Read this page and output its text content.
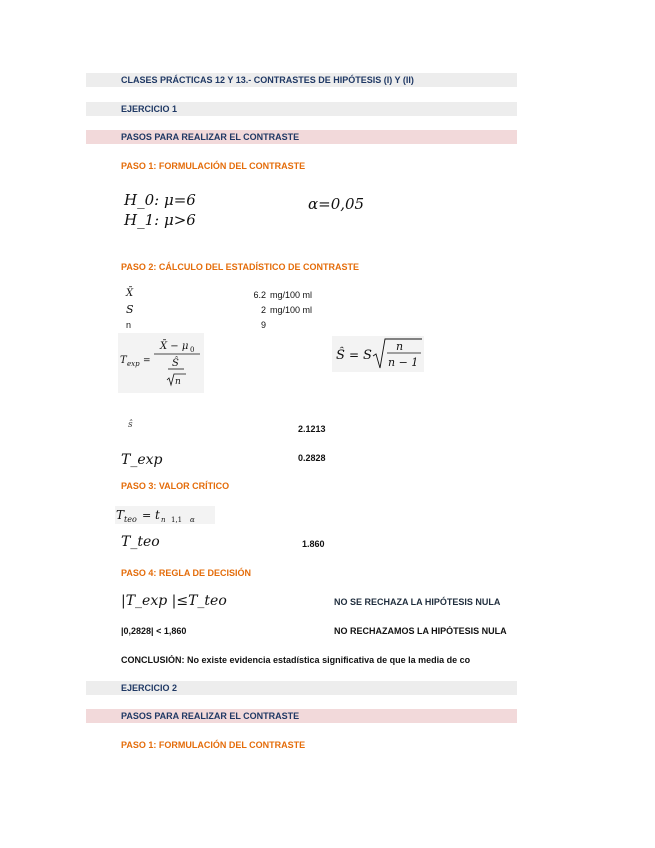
CLASES PRÁCTICAS 12 Y 13.- CONTRASTES DE HIPÓTESIS (I) Y (II)
EJERCICIO 1
PASOS PARA REALIZAR EL CONTRASTE
PASO 1: FORMULACIÓN DEL CONTRASTE
H_0: μ=6
H_1: μ>6
α=0,05
PASO 2: CÁLCULO DEL ESTADÍSTICO DE CONTRASTE
X̄	6.2 mg/100 ml
S	2 mg/100 ml
n	9
T exp =
X̄ − μ 0
Ŝ
n
Ŝ = S
n
n − 1
ŝ	2.1213
T_exp	0.2828
PASO 3: VALOR CRÍTICO
T teo = t n 1,1 α
T_teo	1.860
PASO 4: REGLA DE DECISIÓN
|T_exp |≤T_teo	NO SE RECHAZA LA HIPÓTESIS NULA
|0,2828| < 1,860	NO RECHAZAMOS LA HIPÓTESIS NULA
CONCLUSIÓN: No existe evidencia estadística significativa de que la media de co
EJERCICIO 2
PASOS PARA REALIZAR EL CONTRASTE
PASO 1: FORMULACIÓN DEL CONTRASTE
